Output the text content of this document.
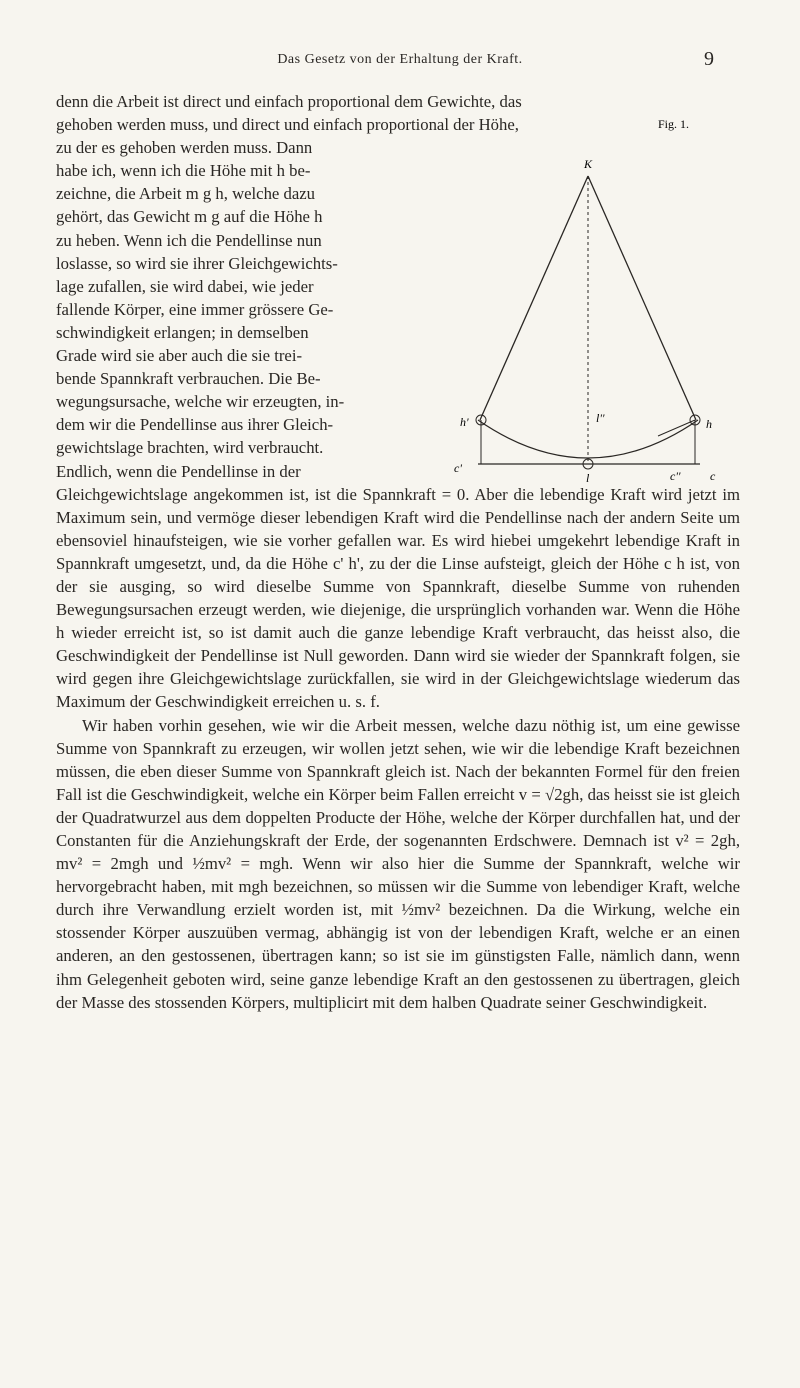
Das Gesetz von der Erhaltung der Kraft.	9
denn die Arbeit ist direct und einfach proportional dem Gewichte, das
gehoben werden muss, und direct und einfach proportional der Höhe,
zu der es gehoben werden muss. Dann
habe ich, wenn ich die Höhe mit h be-
zeichne, die Arbeit m g h, welche dazu
gehört, das Gewicht m g auf die Höhe h
zu heben. Wenn ich die Pendellinse nun
loslasse, so wird sie ihrer Gleichgewichts-
lage zufallen, sie wird dabei, wie jeder
fallende Körper, eine immer grössere Ge-
schwindigkeit erlangen; in demselben
Grade wird sie aber auch die sie trei-
bende Spannkraft verbrauchen. Die Be-
wegungsursache, welche wir erzeugten, in-
dem wir die Pendellinse aus ihrer Gleich-
gewichtslage brachten, wird verbraucht.
Endlich, wenn die Pendellinse in der
Gleichgewichtslage angekommen ist, ist die Spannkraft = 0. Aber die lebendige Kraft wird jetzt im Maximum sein, und vermöge dieser lebendigen Kraft wird die Pendellinse nach der andern Seite um ebensoviel hinaufsteigen, wie sie vorher gefallen war. Es wird hiebei umgekehrt lebendige Kraft in Spannkraft umgesetzt, und, da die Höhe c' h', zu der die Linse aufsteigt, gleich der Höhe c h ist, von der sie ausging, so wird dieselbe Summe von Spannkraft, dieselbe Summe von ruhenden Bewegungsursachen erzeugt werden, wie diejenige, die ursprünglich vorhanden war. Wenn die Höhe h wieder erreicht ist, so ist damit auch die ganze lebendige Kraft verbraucht, das heisst also, die Geschwindigkeit der Pendellinse ist Null geworden. Dann wird sie wieder der Spannkraft folgen, sie wird gegen ihre Gleichgewichtslage zurückfallen, sie wird in der Gleichgewichtslage wiederum das Maximum der Geschwindigkeit erreichen u. s. f.
Wir haben vorhin gesehen, wie wir die Arbeit messen, welche dazu nöthig ist, um eine gewisse Summe von Spannkraft zu erzeugen, wir wollen jetzt sehen, wie wir die lebendige Kraft bezeichnen müssen, die eben dieser Summe von Spannkraft gleich ist. Nach der bekannten Formel für den freien Fall ist die Geschwindigkeit, welche ein Körper beim Fallen erreicht v = √2gh, das heisst sie ist gleich der Quadratwurzel aus dem doppelten Producte der Höhe, welche der Körper durchfallen hat, und der Constanten für die Anziehungskraft der Erde, der sogenannten Erdschwere. Demnach ist v² = 2gh, mv² = 2mgh und ½mv² = mgh. Wenn wir also hier die Summe der Spannkraft, welche wir hervorgebracht haben, mit mgh bezeichnen, so müssen wir die Summe von lebendiger Kraft, welche durch ihre Verwandlung erzielt worden ist, mit ½mv² bezeichnen. Da die Wirkung, welche ein stossender Körper auszuüben vermag, abhängig ist von der lebendigen Kraft, welche er an einen anderen, an den gestossenen, übertragen kann; so ist sie im günstigsten Falle, nämlich dann, wenn ihm Gelegenheit geboten wird, seine ganze lebendige Kraft an den gestossenen zu übertragen, gleich der Masse des stossenden Körpers, multiplicirt mit dem halben Quadrate seiner Geschwindigkeit.
Fig. 1.
K
h'	h
l''
c'
l	c'' c
